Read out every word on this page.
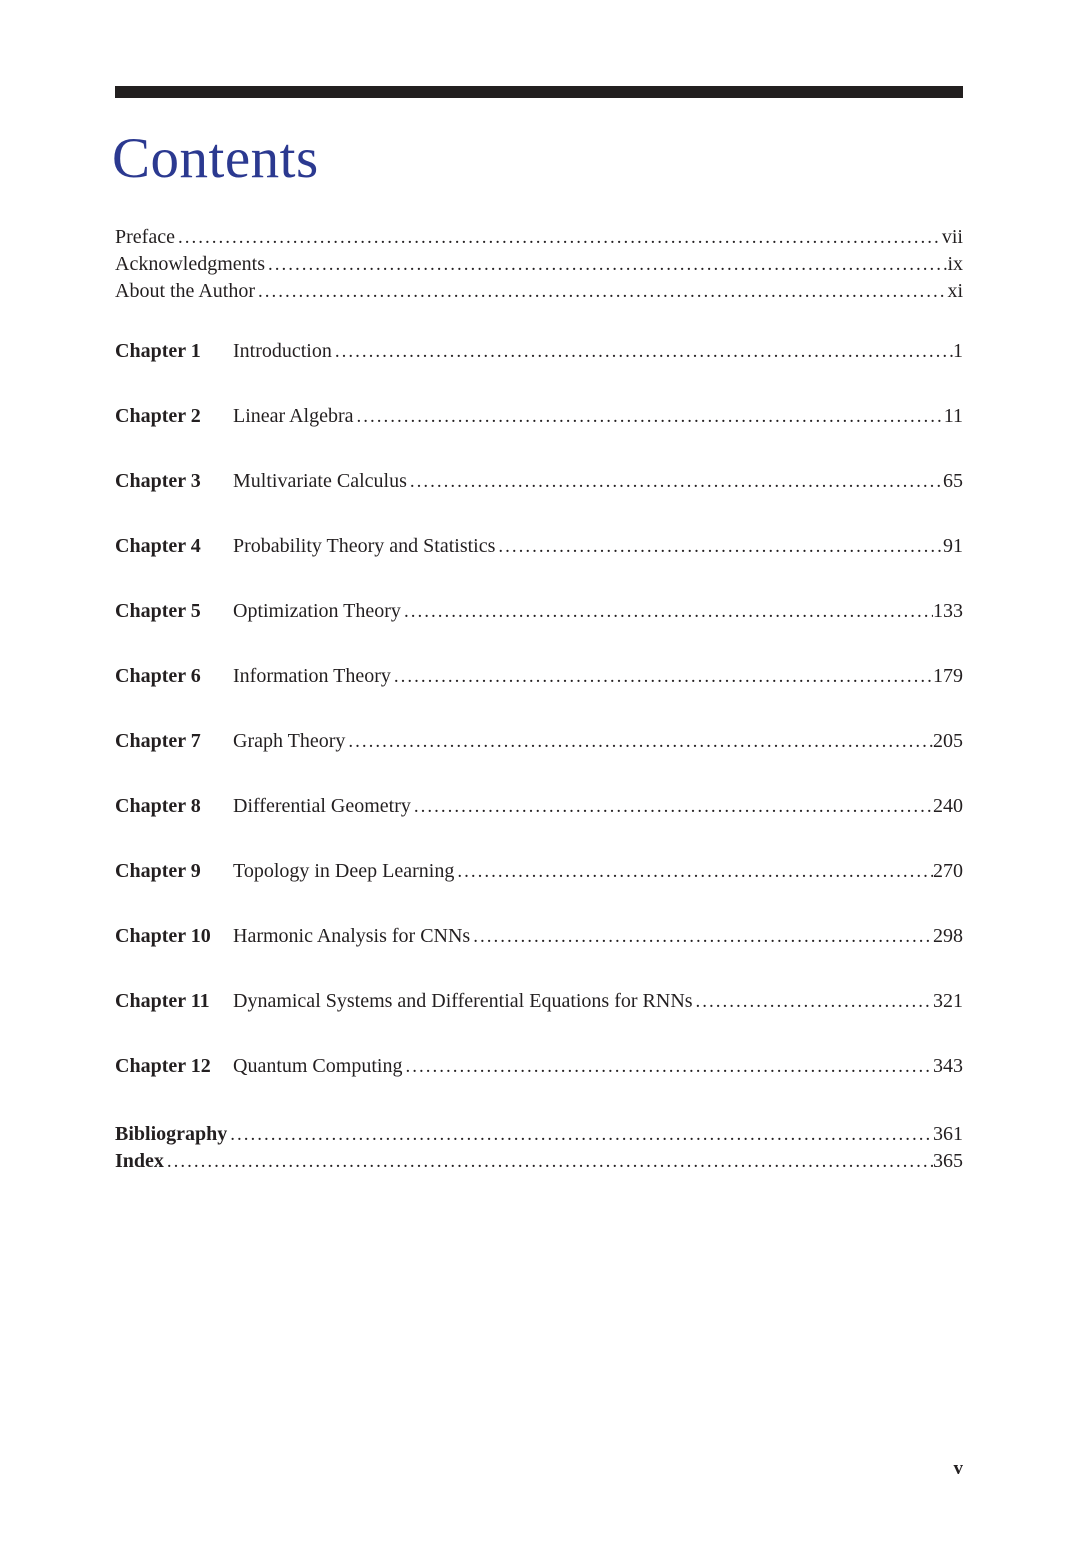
Contents
Preface .....	vii
Acknowledgments .....	ix
About the Author .....	xi
Chapter 1	Introduction .....	1
Chapter 2	Linear Algebra .....	11
Chapter 3	Multivariate Calculus .....	65
Chapter 4	Probability Theory and Statistics .....	91
Chapter 5	Optimization Theory .....	133
Chapter 6	Information Theory .....	179
Chapter 7	Graph Theory .....	205
Chapter 8	Differential Geometry .....	240
Chapter 9	Topology in Deep Learning .....	270
Chapter 10	Harmonic Analysis for CNNs .....	298
Chapter 11	Dynamical Systems and Differential Equations for RNNs .....	321
Chapter 12	Quantum Computing .....	343
Bibliography .....	361
Index .....	365
v
